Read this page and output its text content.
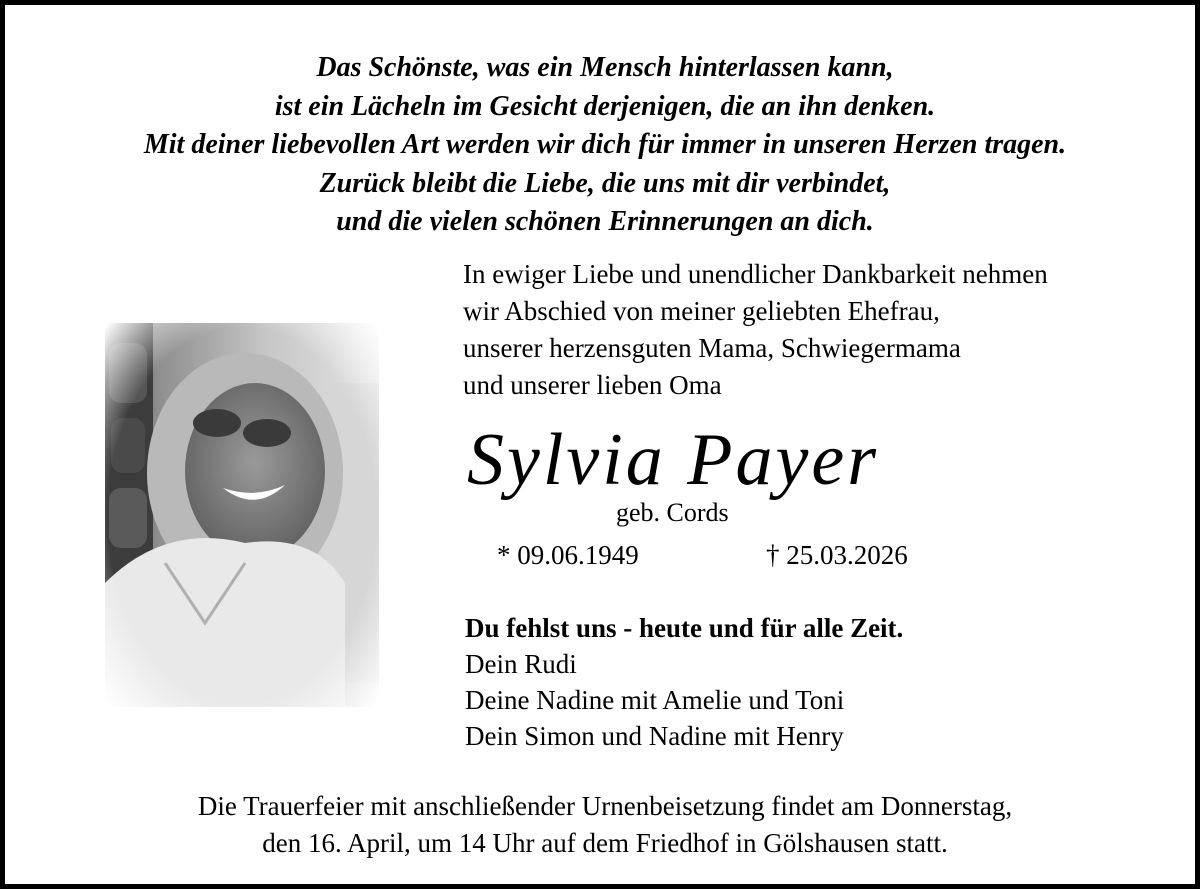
Das Schönste, was ein Mensch hinterlassen kann,
ist ein Lächeln im Gesicht derjenigen, die an ihn denken.
Mit deiner liebevollen Art werden wir dich für immer in unseren Herzen tragen.
Zurück bleibt die Liebe, die uns mit dir verbindet,
und die vielen schönen Erinnerungen an dich.
In ewiger Liebe und unendlicher Dankbarkeit nehmen
wir Abschied von meiner geliebten Ehefrau,
unserer herzensguten Mama, Schwiegermama
und unserer lieben Oma
Sylvia Payer
geb. Cords
* 09.06.1949	† 25.03.2026
Du fehlst uns - heute und für alle Zeit.
Dein Rudi
Deine Nadine mit Amelie und Toni
Dein Simon und Nadine mit Henry
Die Trauerfeier mit anschließender Urnenbeisetzung findet am Donnerstag,
den 16. April, um 14 Uhr auf dem Friedhof in Gölshausen statt.
